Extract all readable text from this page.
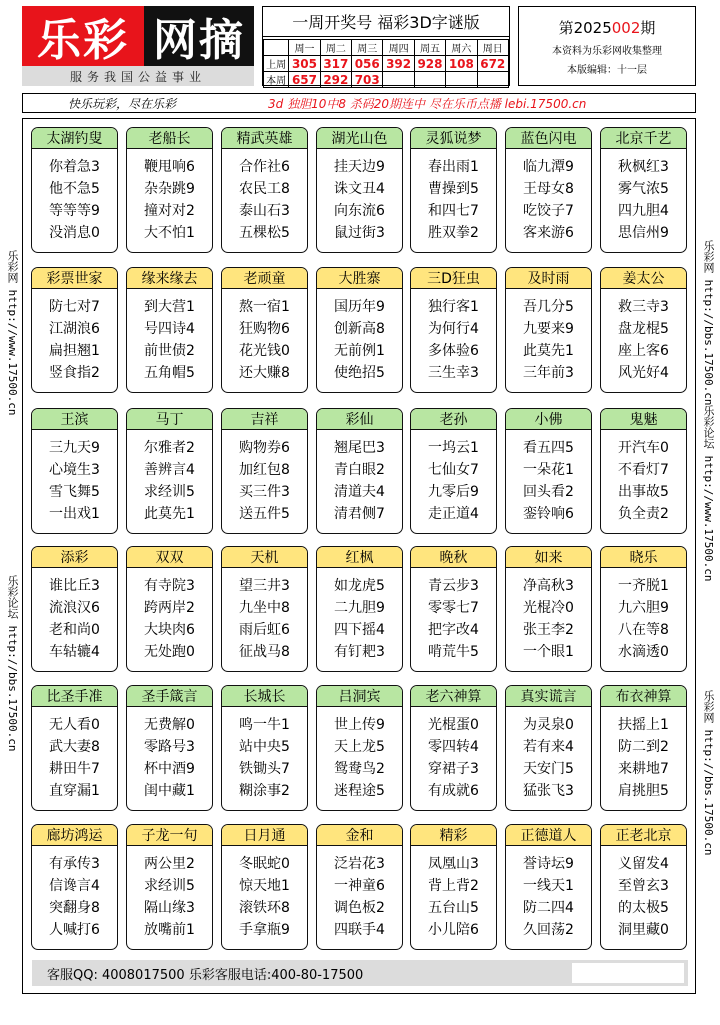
乐彩 网摘
服务我国公益事业
一周开奖号 福彩3D字谜版
	周一	周二	周三	周四	周五	周六	周日
上周	305	317	056	392	928	108	672
本周	657	292	703				
第2025002期
本资料为乐彩网收集整理
本版编辑：十一层
快乐玩彩，尽在乐彩	3d 独胆10中8 杀码20期连中 尽在乐币点播 lebi.17500.cn
乐彩网 http://www.17500.cn
乐彩论坛 http://bbs.17500.cn
乐彩网 http://bbs.17500.cn
乐彩论坛 http://www.17500.cn
乐彩网 http://bbs.17500.cn
太湖钓叟
你着急3
他不急5
等等等9
没消息0
老船长
鞭甩响6
杂杂跳9
撞对对2
大不怕1
精武英雄
合作社6
农民工8
泰山石3
五棵松5
湖光山色
挂天边9
诛文丑4
向东流6
鼠过街3
灵狐说梦
春出雨1
曹操到5
和四七7
胜双拳2
蓝色闪电
临九潭9
王母女8
吃饺子7
客来游6
北京千艺
秋枫红3
雾气浓5
四九胆4
思信州9
彩票世家
防七对7
江湖浪6
扁担翘1
竖食指2
缘来缘去
到大营1
号四诗4
前世债2
五角帽5
老顽童
熬一宿1
狂购物6
花光钱0
还大赚8
大胜寨
国历年9
创新高8
无前例1
使绝招5
三D狂虫
独行客1
为何行4
多体验6
三生幸3
及时雨
吾几分5
九要来9
此莫先1
三年前3
姜太公
救三寺3
盘龙棍5
座上客6
风光好4
王滨
三九天9
心境生3
雪飞舞5
一出戏1
马丁
尔雅者2
善辨言4
求经训5
此莫先1
吉祥
购物券6
加红包8
买三件3
送五件5
彩仙
翘尾巴3
青白眼2
清道夫4
清君侧7
老孙
一坞云1
七仙女7
九零后9
走正道4
小佛
看五四5
一朵花1
回头看2
銮铃响6
鬼魅
开汽车0
不看灯7
出事故5
负全责2
添彩
谁比丘3
流浪汉6
老和尚0
车轱辘4
双双
有寺院3
跨两岸2
大块肉6
无处跑0
天机
望三井3
九坐中8
雨后虹6
征战马8
红枫
如龙虎5
二九胆9
四下摇4
有钉耙3
晚秋
青云步3
零零七7
把字改4
啃荒牛5
如来
净高秋3
光棍冷0
张王李2
一个眼1
晓乐
一齐脱1
九六胆9
八在等8
水滴透0
比圣手准
无人看0
武大妻8
耕田牛7
直穿漏1
圣手箴言
无费解0
零路号3
杯中酒9
闺中藏1
长城长
鸣一牛1
站中央5
铁锄头7
糊涂事2
吕洞宾
世上传9
天上龙5
鸳鸯鸟2
迷程途5
老六神算
光棍蛋0
零四转4
穿裙子3
有成就6
真实谎言
为灵泉0
若有来4
天安门5
猛张飞3
布衣神算
扶摇上1
防二到2
来耕地7
肩挑胆5
廊坊鸿运
有承传3
信谗言4
突翻身8
人喊打6
子龙一句
两公里2
求经训5
隔山缘3
放嘴前1
日月通
冬眠蛇0
惊天地1
滚铁环8
手拿瓶9
金和
泛岩花3
一神童6
调色板2
四联手4
精彩
凤凰山3
背上背2
五台山5
小儿陪6
正德道人
誉诗坛9
一线天1
防二四4
久回荡2
正老北京
义留发4
至曾玄3
的太极5
洞里藏0
客服QQ: 4008017500 乐彩客服电话:400-80-17500
